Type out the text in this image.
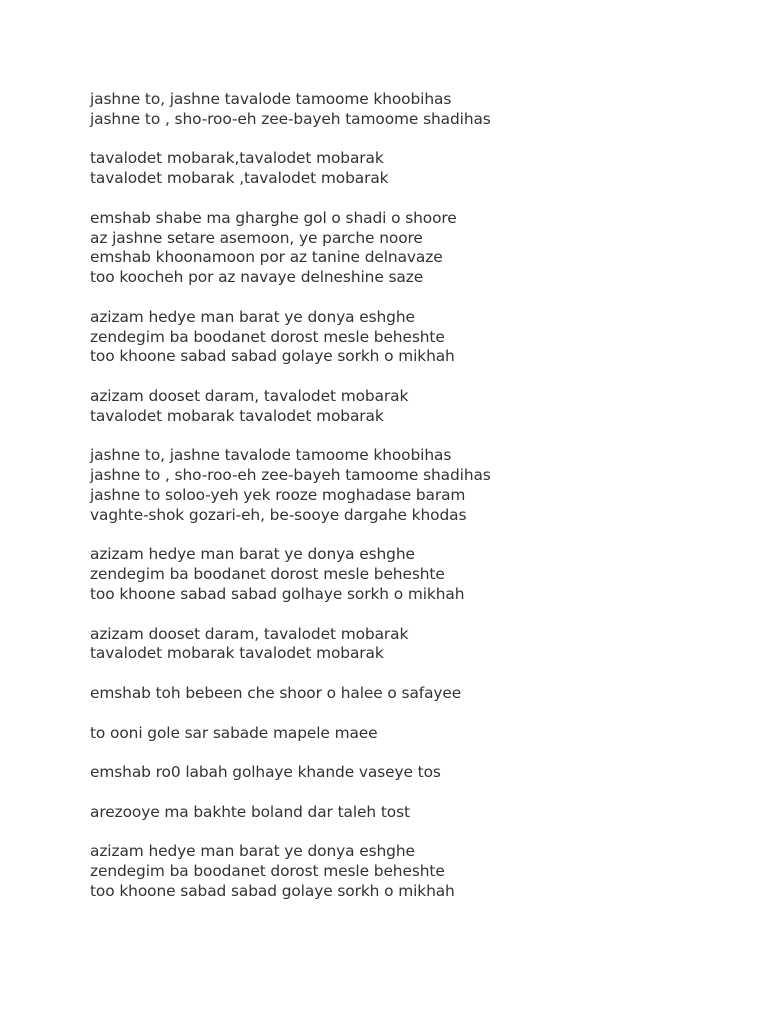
jashne to, jashne tavalode tamoome khoobihas
jashne to , sho-roo-eh zee-bayeh tamoome shadihas

tavalodet mobarak,tavalodet mobarak
tavalodet mobarak ,tavalodet mobarak

emshab shabe ma gharghe gol o shadi o shoore
az jashne setare asemoon, ye parche noore
emshab khoonamoon por az tanine delnavaze
too koocheh por az navaye delneshine saze

azizam hedye man barat ye donya eshghe
zendegim ba boodanet dorost mesle beheshte
too khoone sabad sabad golaye sorkh o mikhah

azizam dooset daram, tavalodet mobarak
tavalodet mobarak tavalodet mobarak

jashne to, jashne tavalode tamoome khoobihas
jashne to , sho-roo-eh zee-bayeh tamoome shadihas
jashne to soloo-yeh yek rooze moghadase baram
vaghte-shok gozari-eh, be-sooye dargahe khodas

azizam hedye man barat ye donya eshghe
zendegim ba boodanet dorost mesle beheshte
too khoone sabad sabad golhaye sorkh o mikhah

azizam dooset daram, tavalodet mobarak
tavalodet mobarak tavalodet mobarak

emshab toh bebeen che shoor o halee o safayee

to ooni gole sar sabade mapele maee

emshab ro0 labah golhaye khande vaseye tos

arezooye ma bakhte boland dar taleh tost

azizam hedye man barat ye donya eshghe
zendegim ba boodanet dorost mesle beheshte
too khoone sabad sabad golaye sorkh o mikhah
